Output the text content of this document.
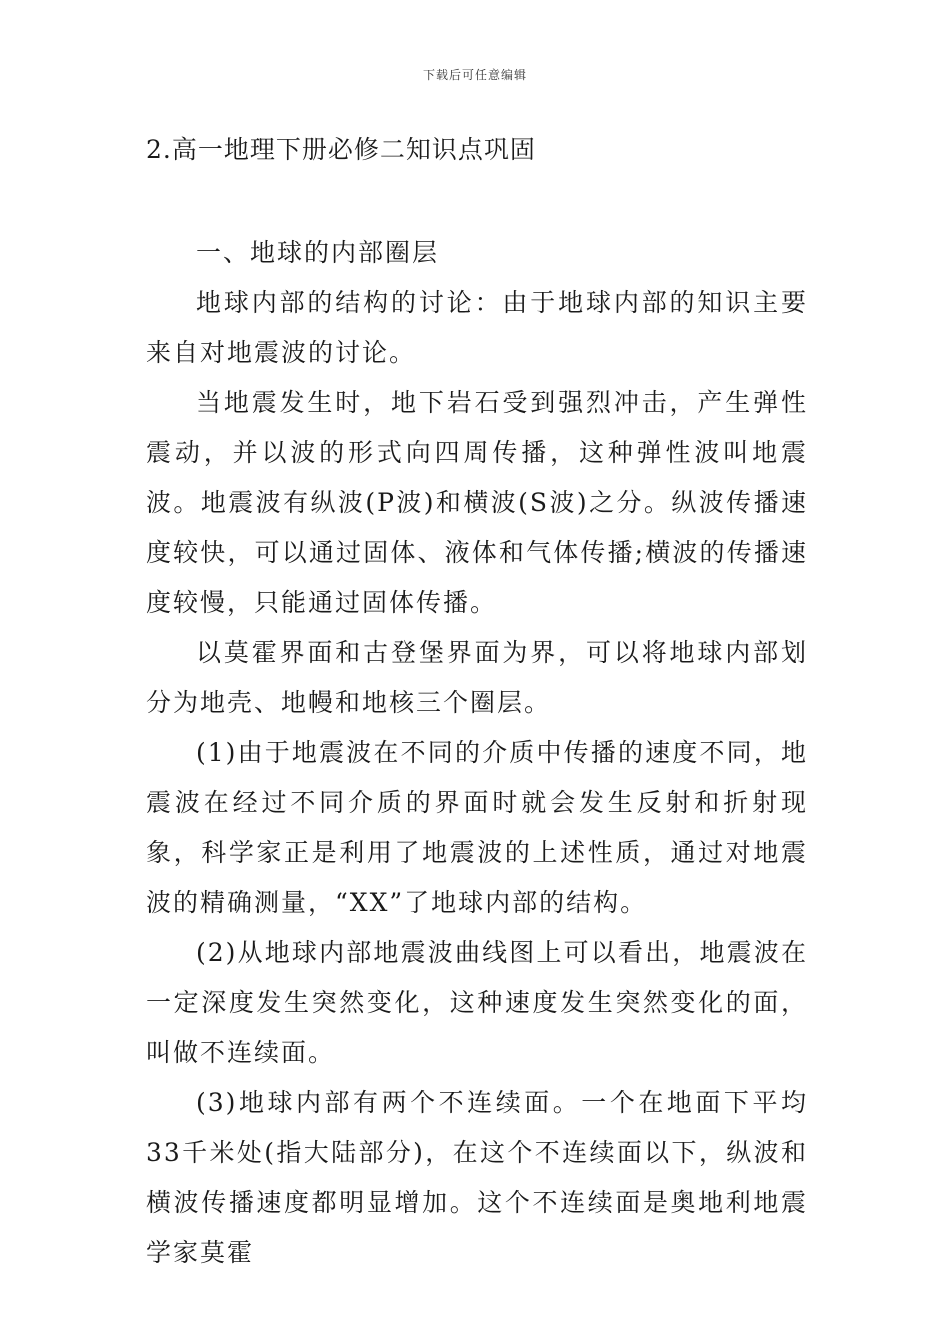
下载后可任意编辑
2.高一地理下册必修二知识点巩固

一、地球的内部圈层

地球内部的结构的讨论：由于地球内部的知识主要来自对地震波的讨论。

当地震发生时，地下岩石受到强烈冲击，产生弹性震动，并以波的形式向四周传播，这种弹性波叫地震波。地震波有纵波(P波)和横波(S波)之分。纵波传播速度较快，可以通过固体、液体和气体传播;横波的传播速度较慢，只能通过固体传播。

以莫霍界面和古登堡界面为界，可以将地球内部划分为地壳、地幔和地核三个圈层。

(1)由于地震波在不同的介质中传播的速度不同，地震波在经过不同介质的界面时就会发生反射和折射现象，科学家正是利用了地震波的上述性质，通过对地震波的精确测量，“XX”了地球内部的结构。

(2)从地球内部地震波曲线图上可以看出，地震波在一定深度发生突然变化，这种速度发生突然变化的面，叫做不连续面。

(3)地球内部有两个不连续面。一个在地面下平均33千米处(指大陆部分)，在这个不连续面以下，纵波和横波传播速度都明显增加。这个不连续面是奥地利地震学家莫霍
